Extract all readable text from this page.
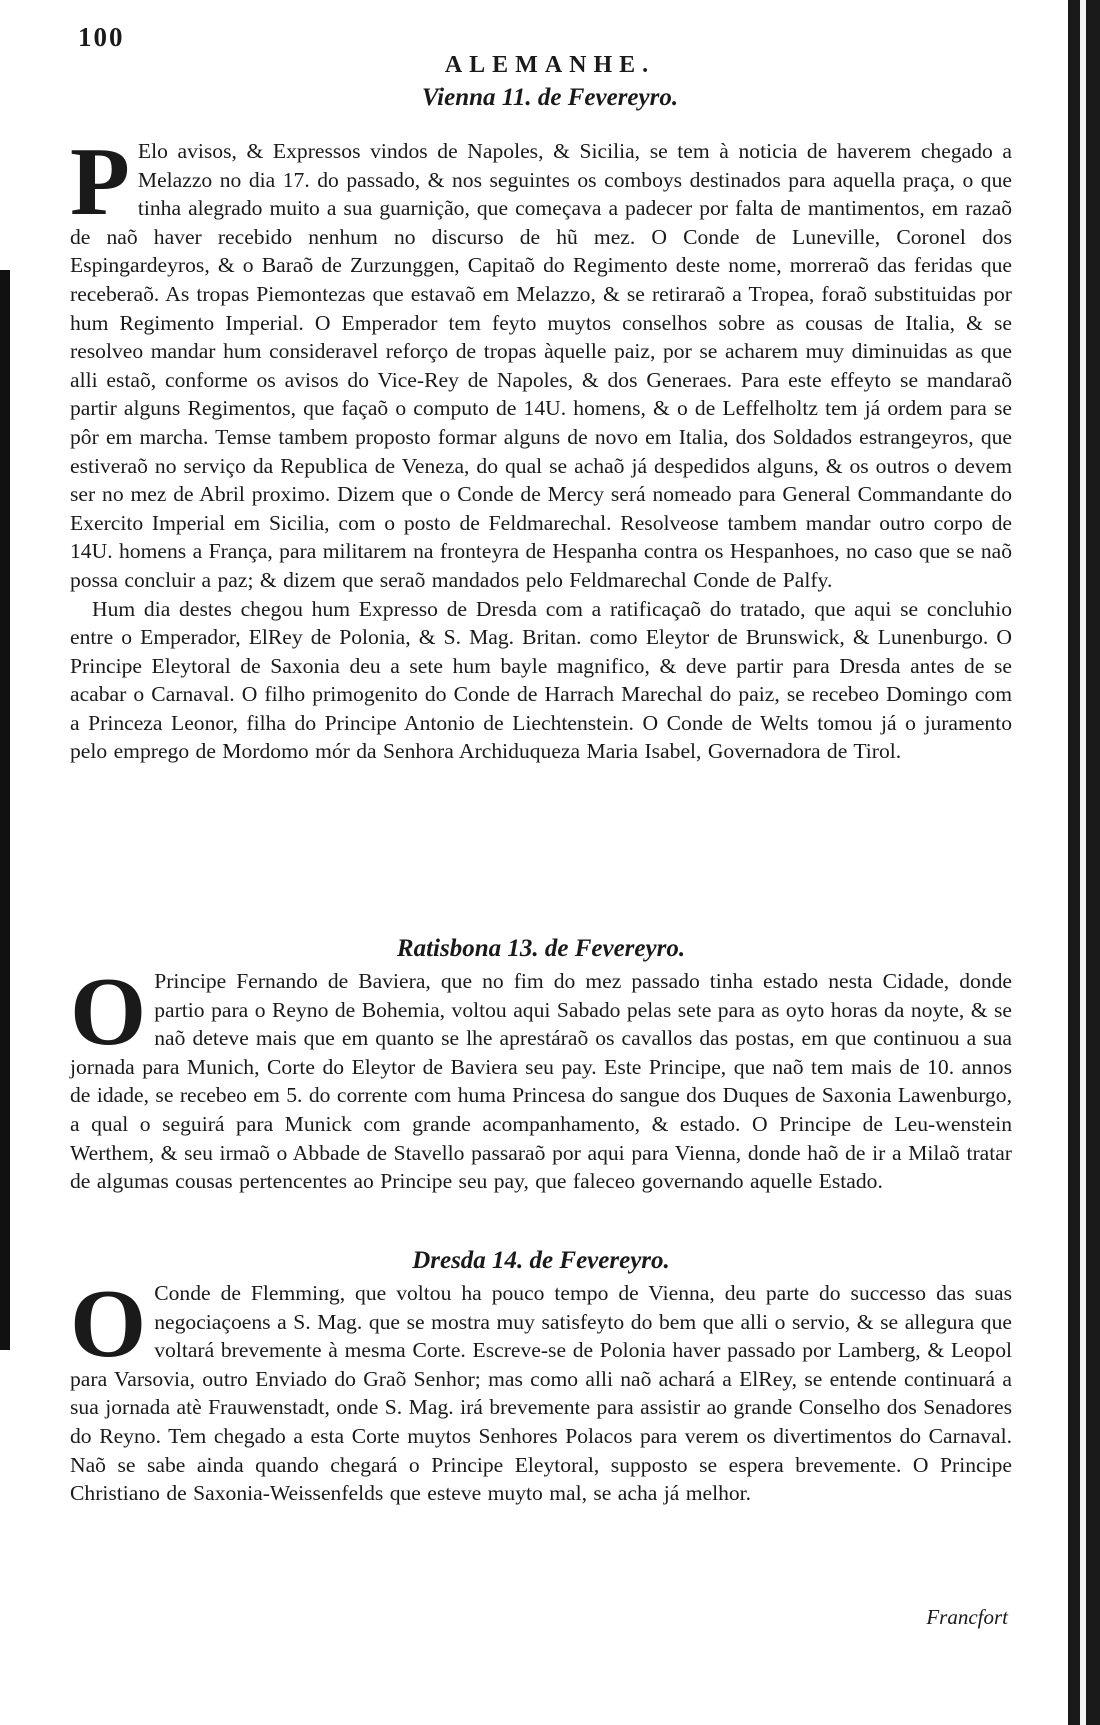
100
ALEMANHE.
Vienna 11. de Fevereyro.

P Elo avisos, & Expressos vindos de Napoles, & Sicilia, se tem à noticia de haverem chegado a Melazzo no dia 17. do passado, & nos seguintes os comboys destinados para aquella praça, o que tinha alegrado muito a sua guarnição, que começava a padecer por falta de mantimentos, em razaõ de naõ haver recebido nenhum no discurso de hũ mez. O Conde de Luneville, Coronel dos Espingardeyros, & o Baraõ de Zurzunggen, Capitaõ do Regimento deste nome, morreraõ das feridas que receberaõ. As tropas Piemontezas que estavaõ em Melazzo, & se retiraraõ a Tropea, foraõ substituidas por hum Regimento Imperial. O Emperador tem feyto muytos conselhos sobre as cousas de Italia, & se resolveo mandar hum consideravel reforço de tropas àquelle paiz, por se acharem muy diminuidas as que alli estaõ, conforme os avisos do Vice-Rey de Napoles, & dos Generaes. Para este effeyto se mandaraõ partir alguns Regimentos, que façaõ o computo de 14U. homens, & o de Leffelholtz tem já ordem para se pôr em marcha. Temse tambem proposto formar alguns de novo em Italia, dos Soldados estrangeyros, que estiveraõ no serviço da Republica de Veneza, do qual se achaõ já despedidos alguns, & os outros o devem ser no mez de Abril proximo. Dizem que o Conde de Mercy será nomeado para General Commandante do Exercito Imperial em Sicilia, com o posto de Feldmarechal. Resolveose tambem mandar outro corpo de 14U. homens a França, para militarem na fronteyra de Hespanha contra os Hespanhoes, no caso que se naõ possa concluir a paz; & dizem que seraõ mandados pelo Feldmarechal Conde de Palfy.

Hum dia destes chegou hum Expresso de Dresda com a ratificaçaõ do tratado, que aqui se concluhio entre o Emperador, ElRey de Polonia, & S. Mag. Britan. como Eleytor de Brunswick, & Lunenburgo. O Principe Eleytoral de Saxonia deu a sete hum bayle magnifico, & deve partir para Dresda antes de se acabar o Carnaval. O filho primogenito do Conde de Harrach Marechal do paiz, se recebeo Domingo com a Princeza Leonor, filha do Principe Antonio de Liechtenstein. O Conde de Welts tomou já o juramento pelo emprego de Mordomo mór da Senhora Archiduqueza Maria Isabel, Governadora de Tirol.

Ratisbona 13. de Fevereyro.

O Principe Fernando de Baviera, que no fim do mez passado tinha estado nesta Cidade, donde partio para o Reyno de Bohemia, voltou aqui Sabado pelas sete para as oyto horas da noyte, & se naõ deteve mais que em quanto se lhe aprestáraõ os cavallos das postas, em que continuou a sua jornada para Munich, Corte do Eleytor de Baviera seu pay. Este Principe, que naõ tem mais de 10. annos de idade, se recebeo em 5. do corrente com huma Princesa do sangue dos Duques de Saxonia Lawenburgo, a qual o seguirá para Munick com grande acompanhamento, & estado. O Principe de Leu-wenstein Werthem, & seu irmaõ o Abbade de Stavello passaraõ por aqui para Vienna, donde haõ de ir a Milaõ tratar de algumas cousas pertencentes ao Principe seu pay, que faleceo governando aquelle Estado.

Dresda 14. de Fevereyro.

O Conde de Flemming, que voltou ha pouco tempo de Vienna, deu parte do successo das suas negociaçoens a S. Mag. que se mostra muy satisfeyto do bem que alli o servio, & se allegura que voltará brevemente à mesma Corte. Escreve-se de Polonia haver passado por Lamberg, & Leopol para Varsovia, outro Enviado do Graõ Senhor; mas como alli naõ achará a ElRey, se entende continuará a sua jornada atè Frauwenstadt, onde S. Mag. irá brevemente para assistir ao grande Conselho dos Senadores do Reyno. Tem chegado a esta Corte muytos Senhores Polacos para verem os divertimentos do Carnaval. Naõ se sabe ainda quando chegará o Principe Eleytoral, supposto se espera brevemente. O Principe Christiano de Saxonia-Weissenfelds que esteve muyto mal, se acha já melhor.

Francfort
